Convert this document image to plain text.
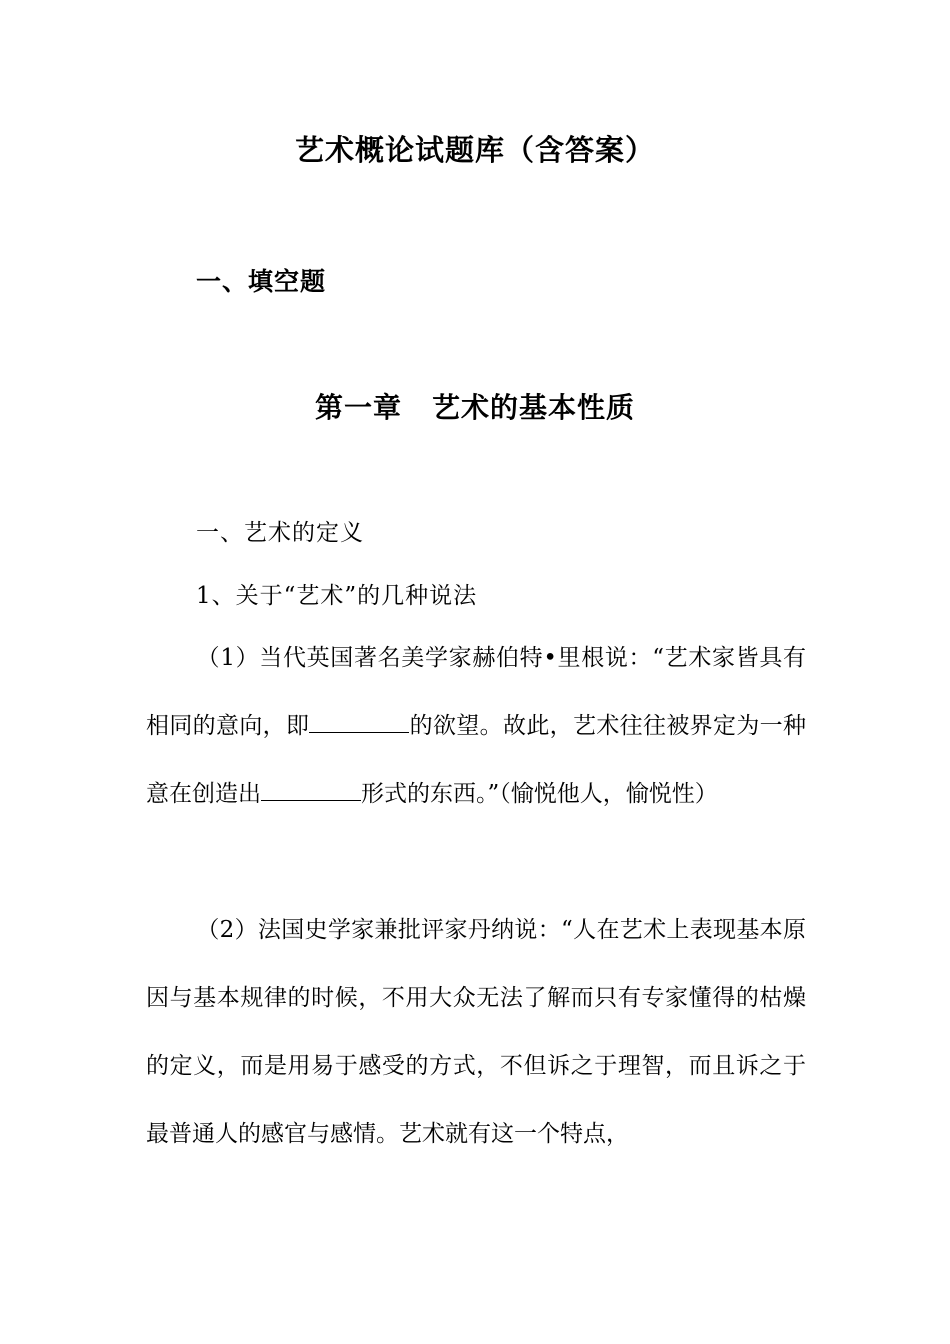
艺术概论试题库（含答案）
一、填空题
第一章 艺术的基本性质
一、艺术的定义
1、关于“艺术”的几种说法
（1）当代英国著名美学家赫伯特•里根说：“艺术家皆具有相同的意向，即	的欲望。故此，艺术往往被界定为一种意在创造出	形式的东西。”（愉悦他人，愉悦性）
（2）法国史学家兼批评家丹纳说：“人在艺术上表现基本原因与基本规律的时候，不用大众无法了解而只有专家懂得的枯燥的定义，而是用易于感受的方式，不但诉之于理智，而且诉之于最普通人的感官与感情。艺术就有这一个特点，
